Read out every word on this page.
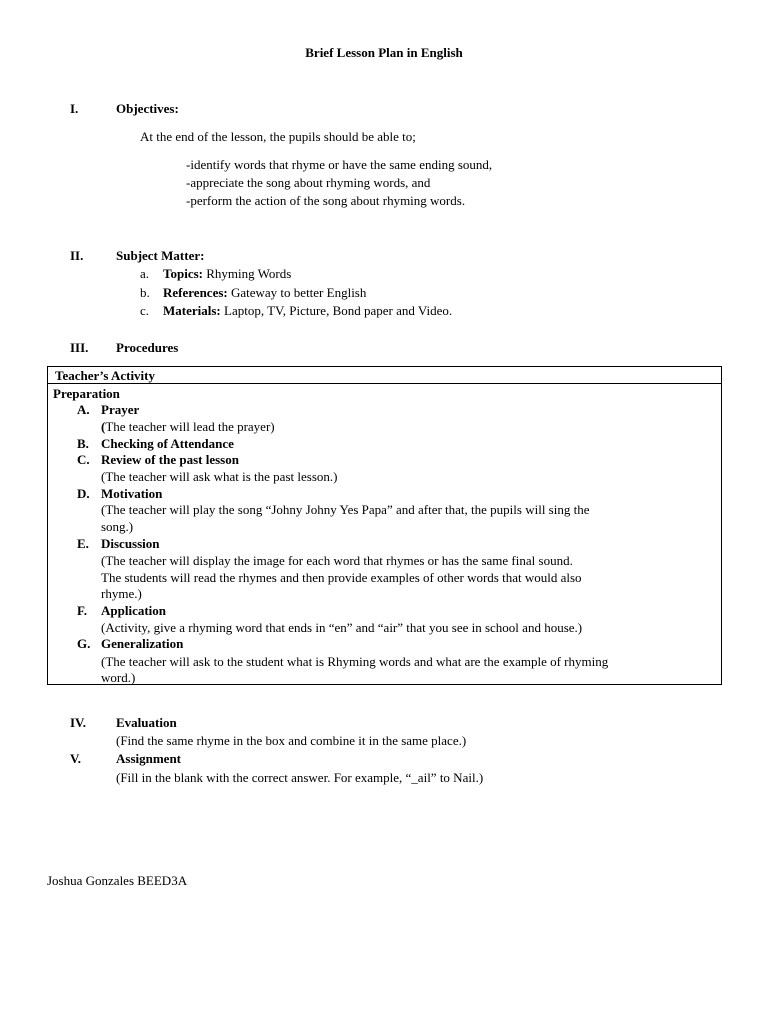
Brief Lesson Plan in English
I.	Objectives:
At the end of the lesson, the pupils should be able to;
-identify words that rhyme or have the same ending sound,
-appreciate the song about rhyming words, and
-perform the action of the song about rhyming words.
II.	Subject Matter:
a. Topics: Rhyming Words
b. References: Gateway to better English
c. Materials: Laptop, TV, Picture, Bond paper and Video.
III. Procedures
Teacher’s Activity
Preparation
A. Prayer
(The teacher will lead the prayer)
B. Checking of Attendance
C. Review of the past lesson
(The teacher will ask what is the past lesson.)
D. Motivation
(The teacher will play the song “Johny Johny Yes Papa” and after that, the pupils will sing the
song.)
E. Discussion
(The teacher will display the image for each word that rhymes or has the same final sound.
The students will read the rhymes and then provide examples of other words that would also
rhyme.)
F. Application
(Activity, give a rhyming word that ends in “en” and “air” that you see in school and house.)
G. Generalization
(The teacher will ask to the student what is Rhyming words and what are the example of rhyming
word.)
IV. Evaluation
(Find the same rhyme in the box and combine it in the same place.)
V.	Assignment
(Fill in the blank with the correct answer. For example, “_ail” to Nail.)
Joshua Gonzales BEED3A
